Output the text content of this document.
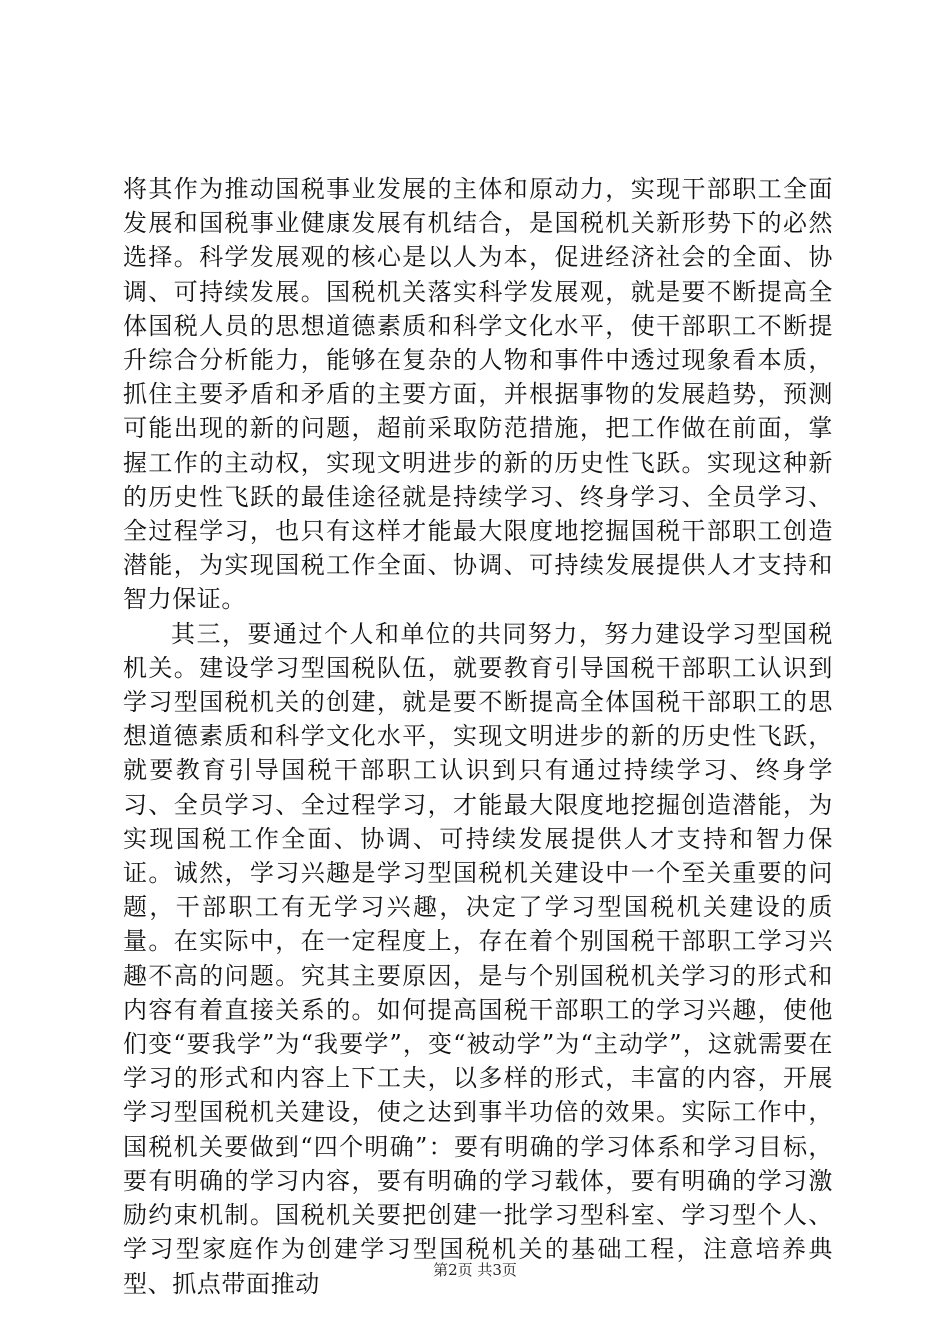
将其作为推动国税事业发展的主体和原动力，实现干部职工全面发展和国税事业健康发展有机结合，是国税机关新形势下的必然选择。科学发展观的核心是以人为本，促进经济社会的全面、协调、可持续发展。国税机关落实科学发展观，就是要不断提高全体国税人员的思想道德素质和科学文化水平，使干部职工不断提升综合分析能力，能够在复杂的人物和事件中透过现象看本质，抓住主要矛盾和矛盾的主要方面，并根据事物的发展趋势，预测可能出现的新的问题，超前采取防范措施，把工作做在前面，掌握工作的主动权，实现文明进步的新的历史性飞跃。实现这种新的历史性飞跃的最佳途径就是持续学习、终身学习、全员学习、全过程学习，也只有这样才能最大限度地挖掘国税干部职工创造潜能，为实现国税工作全面、协调、可持续发展提供人才支持和智力保证。

其三，要通过个人和单位的共同努力，努力建设学习型国税机关。建设学习型国税队伍，就要教育引导国税干部职工认识到学习型国税机关的创建，就是要不断提高全体国税干部职工的思想道德素质和科学文化水平，实现文明进步的新的历史性飞跃，就要教育引导国税干部职工认识到只有通过持续学习、终身学习、全员学习、全过程学习，才能最大限度地挖掘创造潜能，为实现国税工作全面、协调、可持续发展提供人才支持和智力保证。诚然，学习兴趣是学习型国税机关建设中一个至关重要的问题，干部职工有无学习兴趣，决定了学习型国税机关建设的质量。在实际中，在一定程度上，存在着个别国税干部职工学习兴趣不高的问题。究其主要原因，是与个别国税机关学习的形式和内容有着直接关系的。如何提高国税干部职工的学习兴趣，使他们变“要我学”为“我要学”，变“被动学”为“主动学”，这就需要在学习的形式和内容上下工夫，以多样的形式，丰富的内容，开展学习型国税机关建设，使之达到事半功倍的效果。实际工作中，国税机关要做到“四个明确”：要有明确的学习体系和学习目标，要有明确的学习内容，要有明确的学习载体，要有明确的学习激励约束机制。国税机关要把创建一批学习型科室、学习型个人、学习型家庭作为创建学习型国税机关的基础工程，注意培养典型、抓点带面推动	第2页 共3页
